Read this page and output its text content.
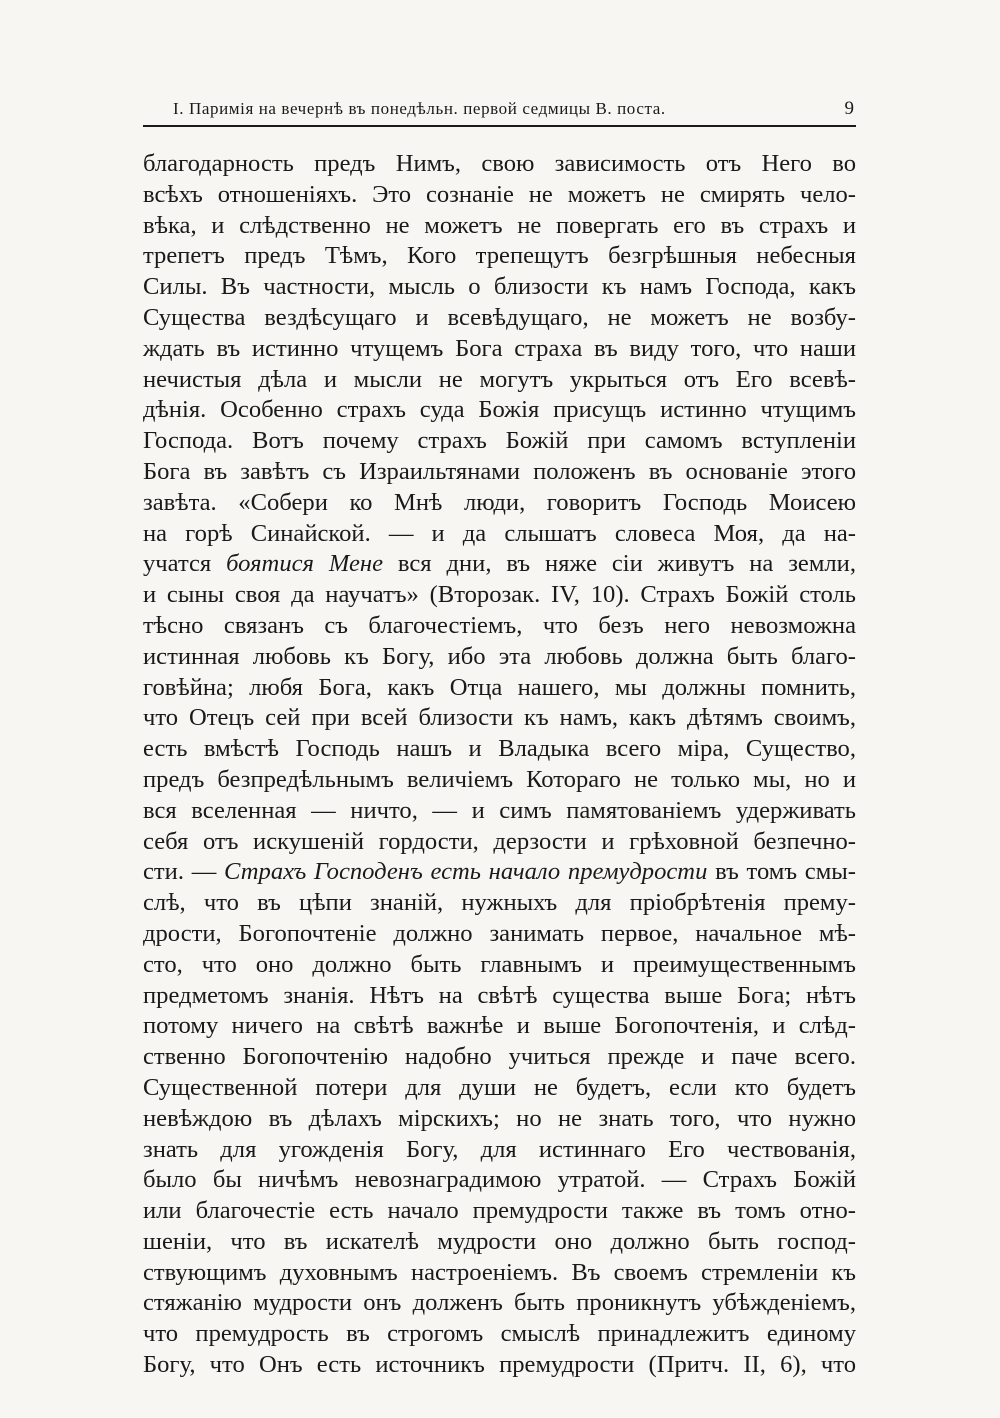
I. Паримія на вечернѣ въ понедѣльн. первой седмицы В. поста.	9
благодарность предъ Нимъ, свою зависимость отъ Него во
всѣхъ отношеніяхъ. Это сознаніе не можетъ не смирять чело-
вѣка, и слѣдственно не можетъ не повергать его въ страхъ и
трепетъ предъ Тѣмъ, Кого трепещутъ безгрѣшныя небесныя
Силы. Въ частности, мысль о близости къ намъ Господа, какъ
Существа вездѣсущаго и всевѣдущаго, не можетъ не возбу-
ждать въ истинно чтущемъ Бога страха въ виду того, что наши
нечистыя дѣла и мысли не могутъ укрыться отъ Его всевѣ-
дѣнія. Особенно страхъ суда Божія присущъ истинно чтущимъ
Господа. Вотъ почему страхъ Божій при самомъ вступленіи
Бога въ завѣтъ съ Израильтянами положенъ въ основаніе этого
завѣта. «Собери ко Мнѣ люди, говоритъ Господь Моисею
на горѣ Синайской. — и да слышатъ словеса Моя, да на-
учатся боятися Мене вся дни, въ няже сіи живутъ на земли,
и сыны своя да научатъ» (Второзак. IV, 10). Страхъ Божій столь
тѣсно связанъ съ благочестіемъ, что безъ него невозможна
истинная любовь къ Богу, ибо эта любовь должна быть благо-
говѣйна; любя Бога, какъ Отца нашего, мы должны помнить,
что Отецъ сей при всей близости къ намъ, какъ дѣтямъ своимъ,
есть вмѣстѣ Господь нашъ и Владыка всего міра, Существо,
предъ безпредѣльнымъ величіемъ Котораго не только мы, но и
вся вселенная — ничто, — и симъ памятованіемъ удерживать
себя отъ искушеній гордости, дерзости и грѣховной безпечно-
сти. — Страхъ Господенъ есть начало премудрости въ томъ смы-
слѣ, что въ цѣпи знаній, нужныхъ для пріобрѣтенія прему-
дрости, Богопочтеніе должно занимать первое, начальное мѣ-
сто, что оно должно быть главнымъ и преимущественнымъ
предметомъ знанія. Нѣтъ на свѣтѣ существа выше Бога; нѣтъ
потому ничего на свѣтѣ важнѣе и выше Богопочтенія, и слѣд-
ственно Богопочтенію надобно учиться прежде и паче всего.
Существенной потери для души не будетъ, если кто будетъ
невѣждою въ дѣлахъ мірскихъ; но не знать того, что нужно
знать для угожденія Богу, для истиннаго Его чествованія,
было бы ничѣмъ невознаградимою утратой. — Страхъ Божій
или благочестіе есть начало премудрости также въ томъ отно-
шеніи, что въ искателѣ мудрости оно должно быть господ-
ствующимъ духовнымъ настроеніемъ. Въ своемъ стремленіи къ
стяжанію мудрости онъ долженъ быть проникнутъ убѣжденіемъ,
что премудрость въ строгомъ смыслѣ принадлежитъ единому
Богу, что Онъ есть источникъ премудрости (Притч. II, 6), что
